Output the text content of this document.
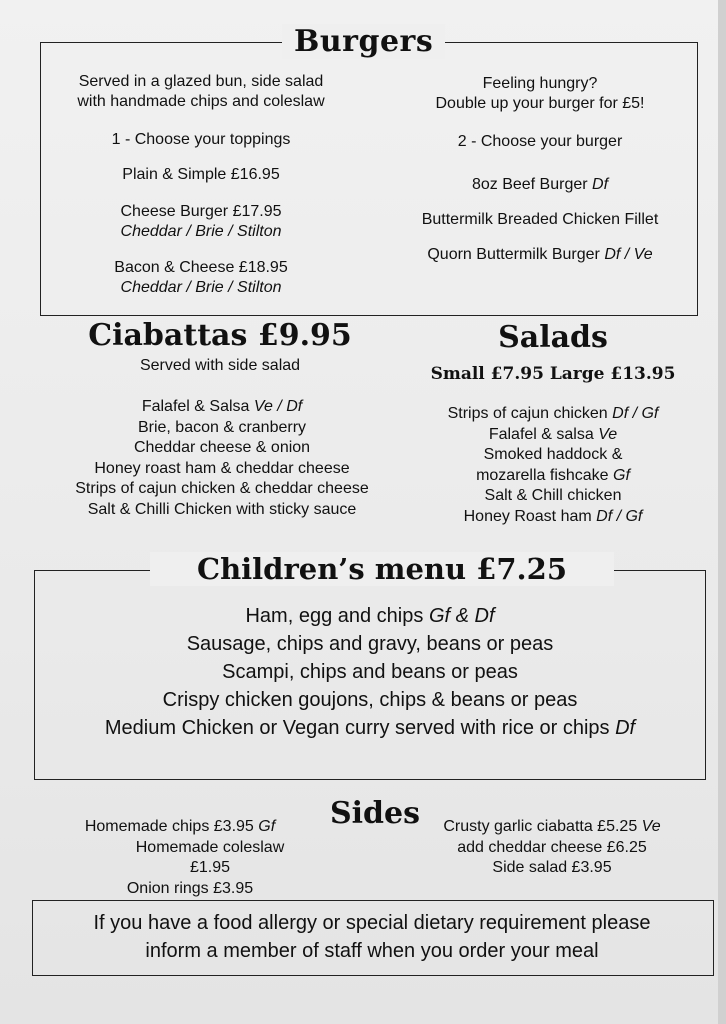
Burgers
Served in a glazed bun, side salad
with handmade chips and coleslaw
Feeling hungry?
Double up your burger for £5!
1 - Choose your toppings	2 - Choose your burger
Plain & Simple £16.95
Cheese Burger £17.95
Cheddar / Brie / Stilton
Bacon & Cheese £18.95
Cheddar / Brie / Stilton
8oz Beef Burger Df
Buttermilk Breaded Chicken Fillet
Quorn Buttermilk Burger Df / Ve
Ciabattas £9.95
Served with side salad
Falafel & Salsa Ve / Df
Brie, bacon & cranberry
Cheddar cheese & onion
Honey roast ham & cheddar cheese
Strips of cajun chicken & cheddar cheese
Salt & Chilli Chicken with sticky sauce
Salads
Small £7.95 Large £13.95
Strips of cajun chicken Df / Gf
Falafel & salsa Ve
Smoked haddock &
mozarella fishcake Gf
Salt & Chill chicken
Honey Roast ham Df / Gf
Children’s menu £7.25
Ham, egg and chips Gf & Df
Sausage, chips and gravy, beans or peas
Scampi, chips and beans or peas
Crispy chicken goujons, chips & beans or peas
Medium Chicken or Vegan curry served with rice or chips Df
Sides
Homemade chips £3.95 Gf
Homemade coleslaw £1.95
Onion rings £3.95
Crusty garlic ciabatta £5.25 Ve
add cheddar cheese £6.25
Side salad £3.95
If you have a food allergy or special dietary requirement please
inform a member of staff when you order your meal
